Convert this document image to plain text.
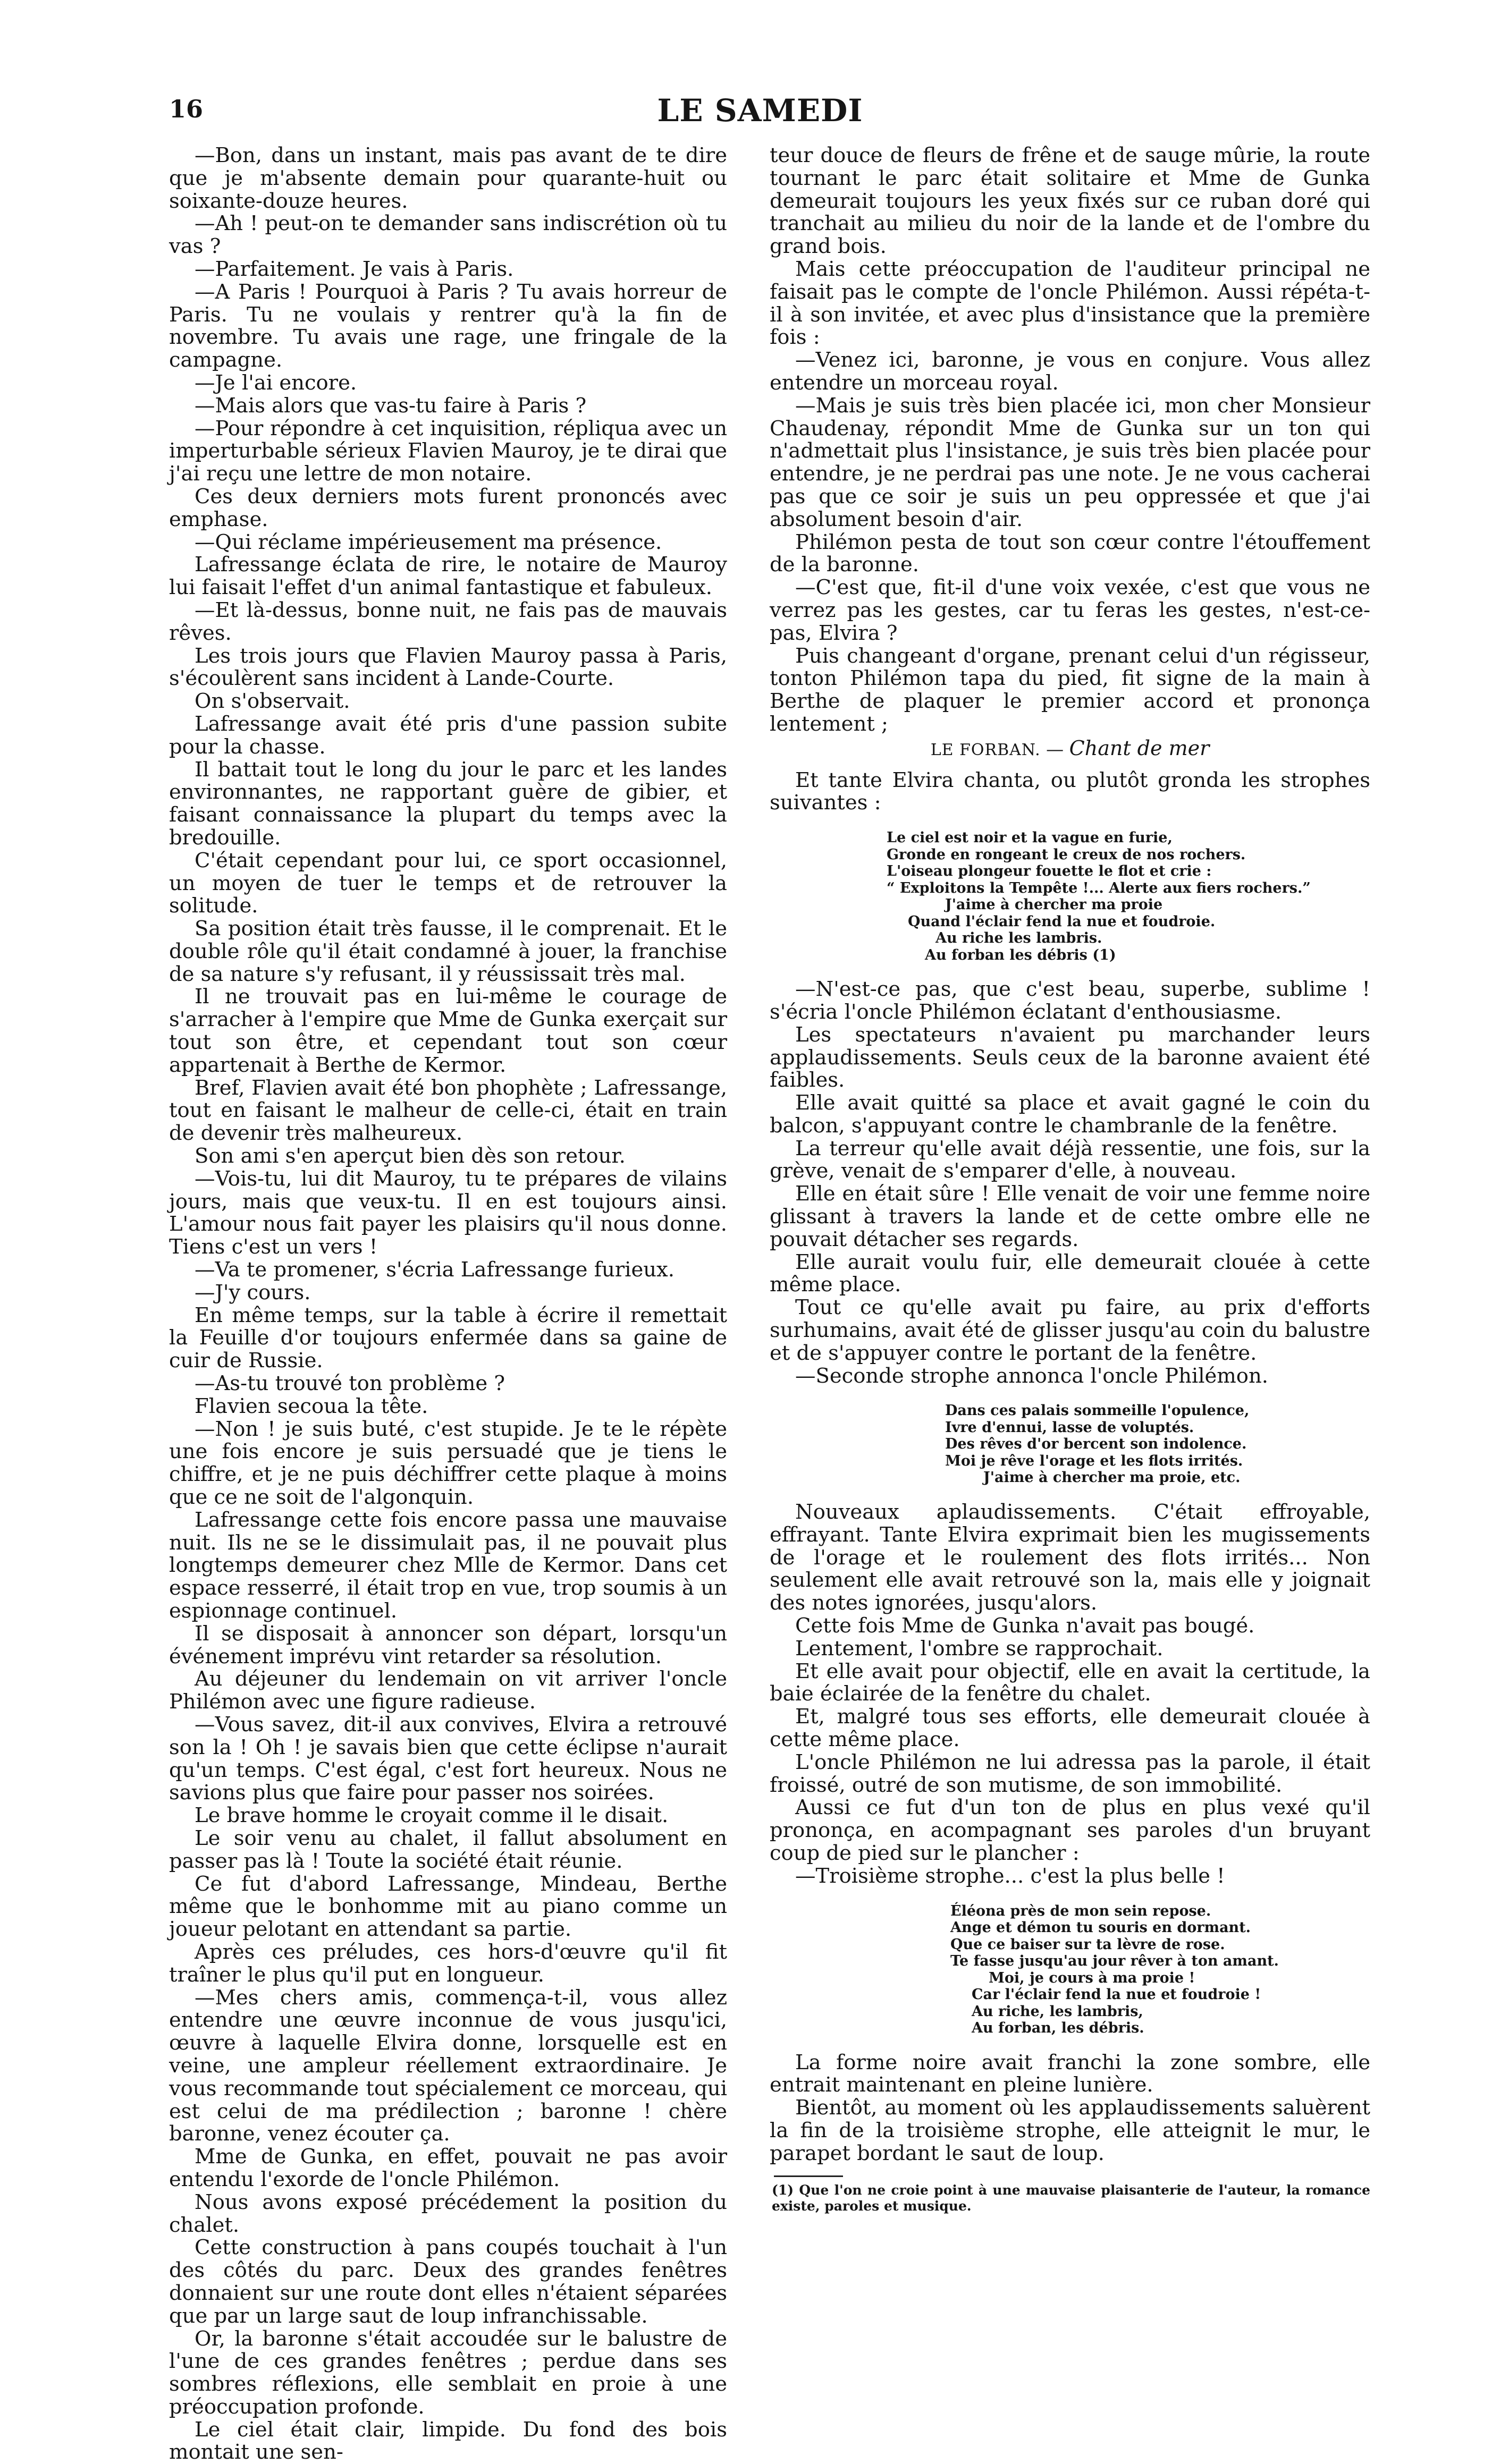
16	LE SAMEDI

—Bon, dans un instant, mais pas avant de te dire que je m'absente demain pour quarante-huit ou soixante-douze heures.

—Ah ! peut-on te demander sans indiscrétion où tu vas ?

—Parfaitement. Je vais à Paris.

—A Paris ! Pourquoi à Paris ? Tu avais horreur de Paris. Tu ne voulais y rentrer qu'à la fin de novembre. Tu avais une rage, une fringale de la campagne.

—Je l'ai encore.

—Mais alors que vas-tu faire à Paris ?

—Pour répondre à cet inquisition, répliqua avec un imperturbable sérieux Flavien Mauroy, je te dirai que j'ai reçu une lettre de mon notaire.

Ces deux derniers mots furent prononcés avec emphase.

—Qui réclame impérieusement ma présence.

Lafressange éclata de rire, le notaire de Mauroy lui faisait l'effet d'un animal fantastique et fabuleux.

—Et là-dessus, bonne nuit, ne fais pas de mauvais rêves.

Les trois jours que Flavien Mauroy passa à Paris, s'écoulèrent sans incident à Lande-Courte.

On s'observait.

Lafressange avait été pris d'une passion subite pour la chasse.

Il battait tout le long du jour le parc et les landes environnantes, ne rapportant guère de gibier, et faisant connaissance la plupart du temps avec la bredouille.

C'était cependant pour lui, ce sport occasionnel, un moyen de tuer le temps et de retrouver la solitude.

Sa position était très fausse, il le comprenait. Et le double rôle qu'il était condamné à jouer, la franchise de sa nature s'y refusant, il y réussissait très mal.

Il ne trouvait pas en lui-même le courage de s'arracher à l'empire que Mme de Gunka exerçait sur tout son être, et cependant tout son cœur appartenait à Berthe de Kermor.

Bref, Flavien avait été bon phophète ; Lafressange, tout en faisant le malheur de celle-ci, était en train de devenir très malheureux.

Son ami s'en aperçut bien dès son retour.

—Vois-tu, lui dit Mauroy, tu te prépares de vilains jours, mais que veux-tu. Il en est toujours ainsi. L'amour nous fait payer les plaisirs qu'il nous donne. Tiens c'est un vers !

—Va te promener, s'écria Lafressange furieux.

—J'y cours.

En même temps, sur la table à écrire il remettait la Feuille d'or toujours enfermée dans sa gaine de cuir de Russie.

—As-tu trouvé ton problème ?

Flavien secoua la tête.

—Non ! je suis buté, c'est stupide. Je te le répète une fois encore je suis persuadé que je tiens le chiffre, et je ne puis déchiffrer cette plaque à moins que ce ne soit de l'algonquin.

Lafressange cette fois encore passa une mauvaise nuit. Ils ne se le dissimulait pas, il ne pouvait plus longtemps demeurer chez Mlle de Kermor. Dans cet espace resserré, il était trop en vue, trop soumis à un espionnage continuel.

Il se disposait à annoncer son départ, lorsqu'un événement imprévu vint retarder sa résolution.

Au déjeuner du lendemain on vit arriver l'oncle Philémon avec une figure radieuse.

—Vous savez, dit-il aux convives, Elvira a retrouvé son la ! Oh ! je savais bien que cette éclipse n'aurait qu'un temps. C'est égal, c'est fort heureux. Nous ne savions plus que faire pour passer nos soirées.

Le brave homme le croyait comme il le disait.

Le soir venu au chalet, il fallut absolument en passer pas là ! Toute la société était réunie.

Ce fut d'abord Lafressange, Mindeau, Berthe même que le bonhomme mit au piano comme un joueur pelotant en attendant sa partie.

Après ces préludes, ces hors-d'œuvre qu'il fit traîner le plus qu'il put en longueur.

—Mes chers amis, commença-t-il, vous allez entendre une œuvre inconnue de vous jusqu'ici, œuvre à laquelle Elvira donne, lorsquelle est en veine, une ampleur réellement extraordinaire. Je vous recommande tout spécialement ce morceau, qui est celui de ma prédilection ; baronne ! chère baronne, venez écouter ça.

Mme de Gunka, en effet, pouvait ne pas avoir entendu l'exorde de l'oncle Philémon.

Nous avons exposé précédement la position du chalet.

Cette construction à pans coupés touchait à l'un des côtés du parc. Deux des grandes fenêtres donnaient sur une route dont elles n'étaient séparées que par un large saut de loup infranchissable.

Or, la baronne s'était accoudée sur le balustre de l'une de ces grandes fenêtres ; perdue dans ses sombres réflexions, elle semblait en proie à une préoccupation profonde.

Le ciel était clair, limpide. Du fond des bois montait une sen-

teur douce de fleurs de frêne et de sauge mûrie, la route tournant le parc était solitaire et Mme de Gunka demeurait toujours les yeux fixés sur ce ruban doré qui tranchait au milieu du noir de la lande et de l'ombre du grand bois.

Mais cette préoccupation de l'auditeur principal ne faisait pas le compte de l'oncle Philémon. Aussi répéta-t-il à son invitée, et avec plus d'insistance que la première fois :

—Venez ici, baronne, je vous en conjure. Vous allez entendre un morceau royal.

—Mais je suis très bien placée ici, mon cher Monsieur Chaudenay, répondit Mme de Gunka sur un ton qui n'admettait plus l'insistance, je suis très bien placée pour entendre, je ne perdrai pas une note. Je ne vous cacherai pas que ce soir je suis un peu oppressée et que j'ai absolument besoin d'air.

Philémon pesta de tout son cœur contre l'étouffement de la baronne.

—C'est que, fit-il d'une voix vexée, c'est que vous ne verrez pas les gestes, car tu feras les gestes, n'est-ce-pas, Elvira ?

Puis changeant d'organe, prenant celui d'un régisseur, tonton Philémon tapa du pied, fit signe de la main à Berthe de plaquer le premier accord et prononça lentement ;

LE FORBAN. — Chant de mer

Et tante Elvira chanta, ou plutôt gronda les strophes suivantes :

Le ciel est noir et la vague en furie,
Gronde en rongeant le creux de nos rochers.
L'oiseau plongeur fouette le flot et crie :
“ Exploitons la Tempête !... Alerte aux fiers rochers.”
J'aime à chercher ma proie
Quand l'éclair fend la nue et foudroie.
Au riche les lambris.
Au forban les débris (1)

—N'est-ce pas, que c'est beau, superbe, sublime ! s'écria l'oncle Philémon éclatant d'enthousiasme.

Les spectateurs n'avaient pu marchander leurs applaudissements. Seuls ceux de la baronne avaient été faibles.

Elle avait quitté sa place et avait gagné le coin du balcon, s'appuyant contre le chambranle de la fenêtre.

La terreur qu'elle avait déjà ressentie, une fois, sur la grève, venait de s'emparer d'elle, à nouveau.

Elle en était sûre ! Elle venait de voir une femme noire glissant à travers la lande et de cette ombre elle ne pouvait détacher ses regards.

Elle aurait voulu fuir, elle demeurait clouée à cette même place.

Tout ce qu'elle avait pu faire, au prix d'efforts surhumains, avait été de glisser jusqu'au coin du balustre et de s'appuyer contre le portant de la fenêtre.

—Seconde strophe annonca l'oncle Philémon.

Dans ces palais sommeille l'opulence,
Ivre d'ennui, lasse de voluptés.
Des rêves d'or bercent son indolence.
Moi je rêve l'orage et les flots irrités.
J'aime à chercher ma proie, etc.

Nouveaux aplaudissements. C'était effroyable, effrayant. Tante Elvira exprimait bien les mugissements de l'orage et le roulement des flots irrités... Non seulement elle avait retrouvé son la, mais elle y joignait des notes ignorées, jusqu'alors.

Cette fois Mme de Gunka n'avait pas bougé.

Lentement, l'ombre se rapprochait.

Et elle avait pour objectif, elle en avait la certitude, la baie éclairée de la fenêtre du chalet.

Et, malgré tous ses efforts, elle demeurait clouée à cette même place.

L'oncle Philémon ne lui adressa pas la parole, il était froissé, outré de son mutisme, de son immobilité.

Aussi ce fut d'un ton de plus en plus vexé qu'il prononça, en acompagnant ses paroles d'un bruyant coup de pied sur le plancher :

—Troisième strophe... c'est la plus belle !

Éléona près de mon sein repose.
Ange et démon tu souris en dormant.
Que ce baiser sur ta lèvre de rose.
Te fasse jusqu'au jour rêver à ton amant.
Moi, je cours à ma proie !
Car l'éclair fend la nue et foudroie !
Au riche, les lambris,
Au forban, les débris.

La forme noire avait franchi la zone sombre, elle entrait maintenant en pleine lunière.

Bientôt, au moment où les applaudissements saluèrent la fin de la troisième strophe, elle atteignit le mur, le parapet bordant le saut de loup.

(1) Que l'on ne croie point à une mauvaise plaisanterie de l'auteur, la romance existe, paroles et musique.
